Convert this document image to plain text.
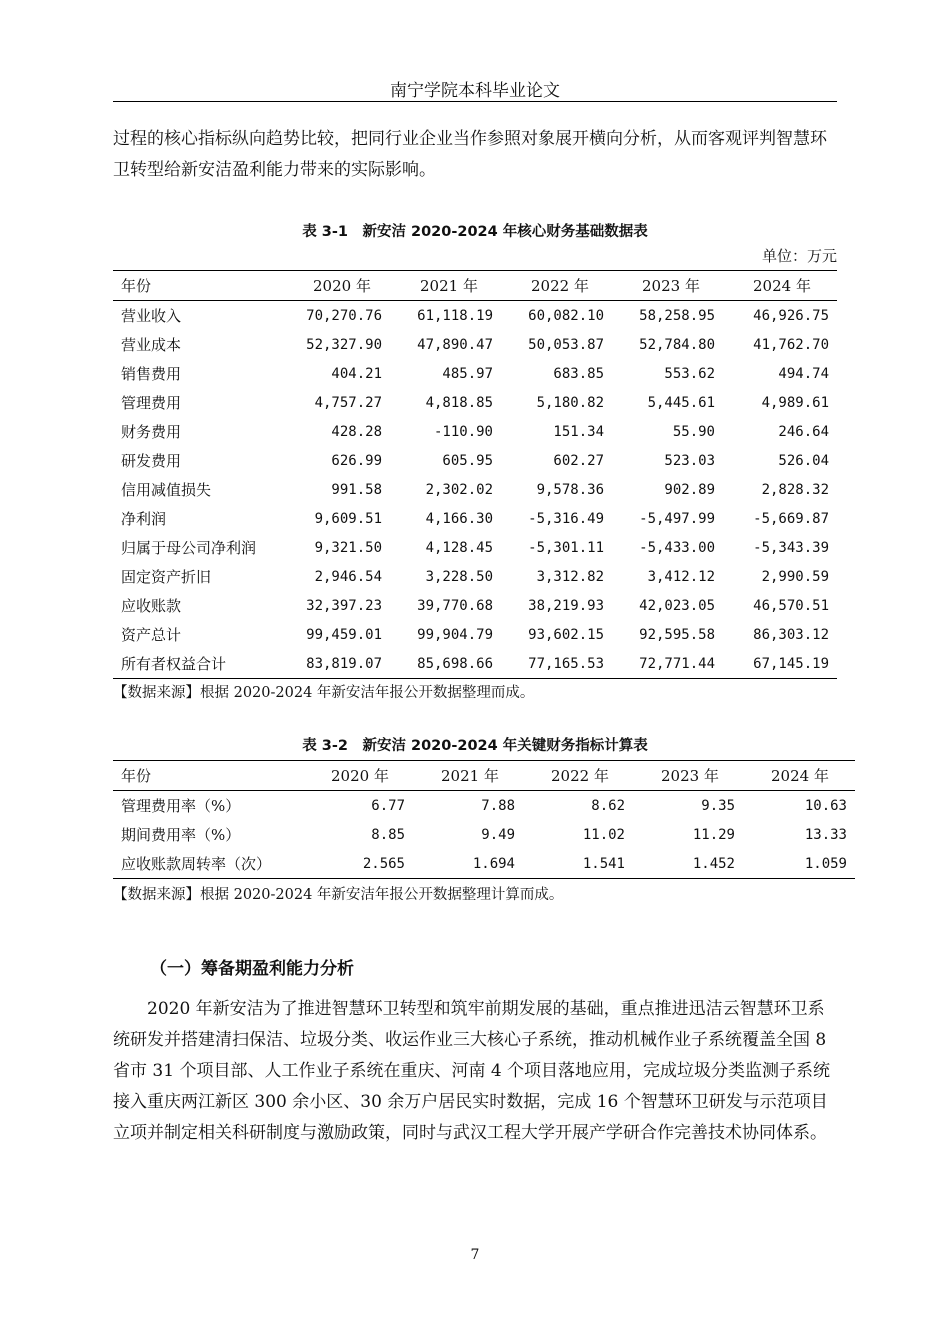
南宁学院本科毕业论文

过程的核心指标纵向趋势比较，把同行业企业当作参照对象展开横向分析，从而客观评判智慧环卫转型给新安洁盈利能力带来的实际影响。

表 3-1　新安洁 2020-2024 年核心财务基础数据表
单位：万元
年份	2020 年	2021 年	2022 年	2023 年	2024 年
营业收入	70,270.76	61,118.19	60,082.10	58,258.95	46,926.75
营业成本	52,327.90	47,890.47	50,053.87	52,784.80	41,762.70
销售费用	404.21	485.97	683.85	553.62	494.74
管理费用	4,757.27	4,818.85	5,180.82	5,445.61	4,989.61
财务费用	428.28	-110.90	151.34	55.90	246.64
研发费用	626.99	605.95	602.27	523.03	526.04
信用减值损失	991.58	2,302.02	9,578.36	902.89	2,828.32
净利润	9,609.51	4,166.30	-5,316.49	-5,497.99	-5,669.87
归属于母公司净利润	9,321.50	4,128.45	-5,301.11	-5,433.00	-5,343.39
固定资产折旧	2,946.54	3,228.50	3,312.82	3,412.12	2,990.59
应收账款	32,397.23	39,770.68	38,219.93	42,023.05	46,570.51
资产总计	99,459.01	99,904.79	93,602.15	92,595.58	86,303.12
所有者权益合计	83,819.07	85,698.66	77,165.53	72,771.44	67,145.19
【数据来源】根据 2020-2024 年新安洁年报公开数据整理而成。
表 3-2　新安洁 2020-2024 年关键财务指标计算表
年份	2020 年	2021 年	2022 年	2023 年	2024 年
管理费用率（%）	6.77	7.88	8.62	9.35	10.63
期间费用率（%）	8.85	9.49	11.02	11.29	13.33
应收账款周转率（次）	2.565	1.694	1.541	1.452	1.059
【数据来源】根据 2020-2024 年新安洁年报公开数据整理计算而成。
（一）筹备期盈利能力分析

2020 年新安洁为了推进智慧环卫转型和筑牢前期发展的基础，重点推进迅洁云智慧环卫系统研发并搭建清扫保洁、垃圾分类、收运作业三大核心子系统，推动机械作业子系统覆盖全国 8 省市 31 个项目部、人工作业子系统在重庆、河南 4 个项目落地应用，完成垃圾分类监测子系统接入重庆两江新区 300 余小区、30 余万户居民实时数据，完成 16 个智慧环卫研发与示范项目立项并制定相关科研制度与激励政策，同时与武汉工程大学开展产学研合作完善技术协同体系。

7
